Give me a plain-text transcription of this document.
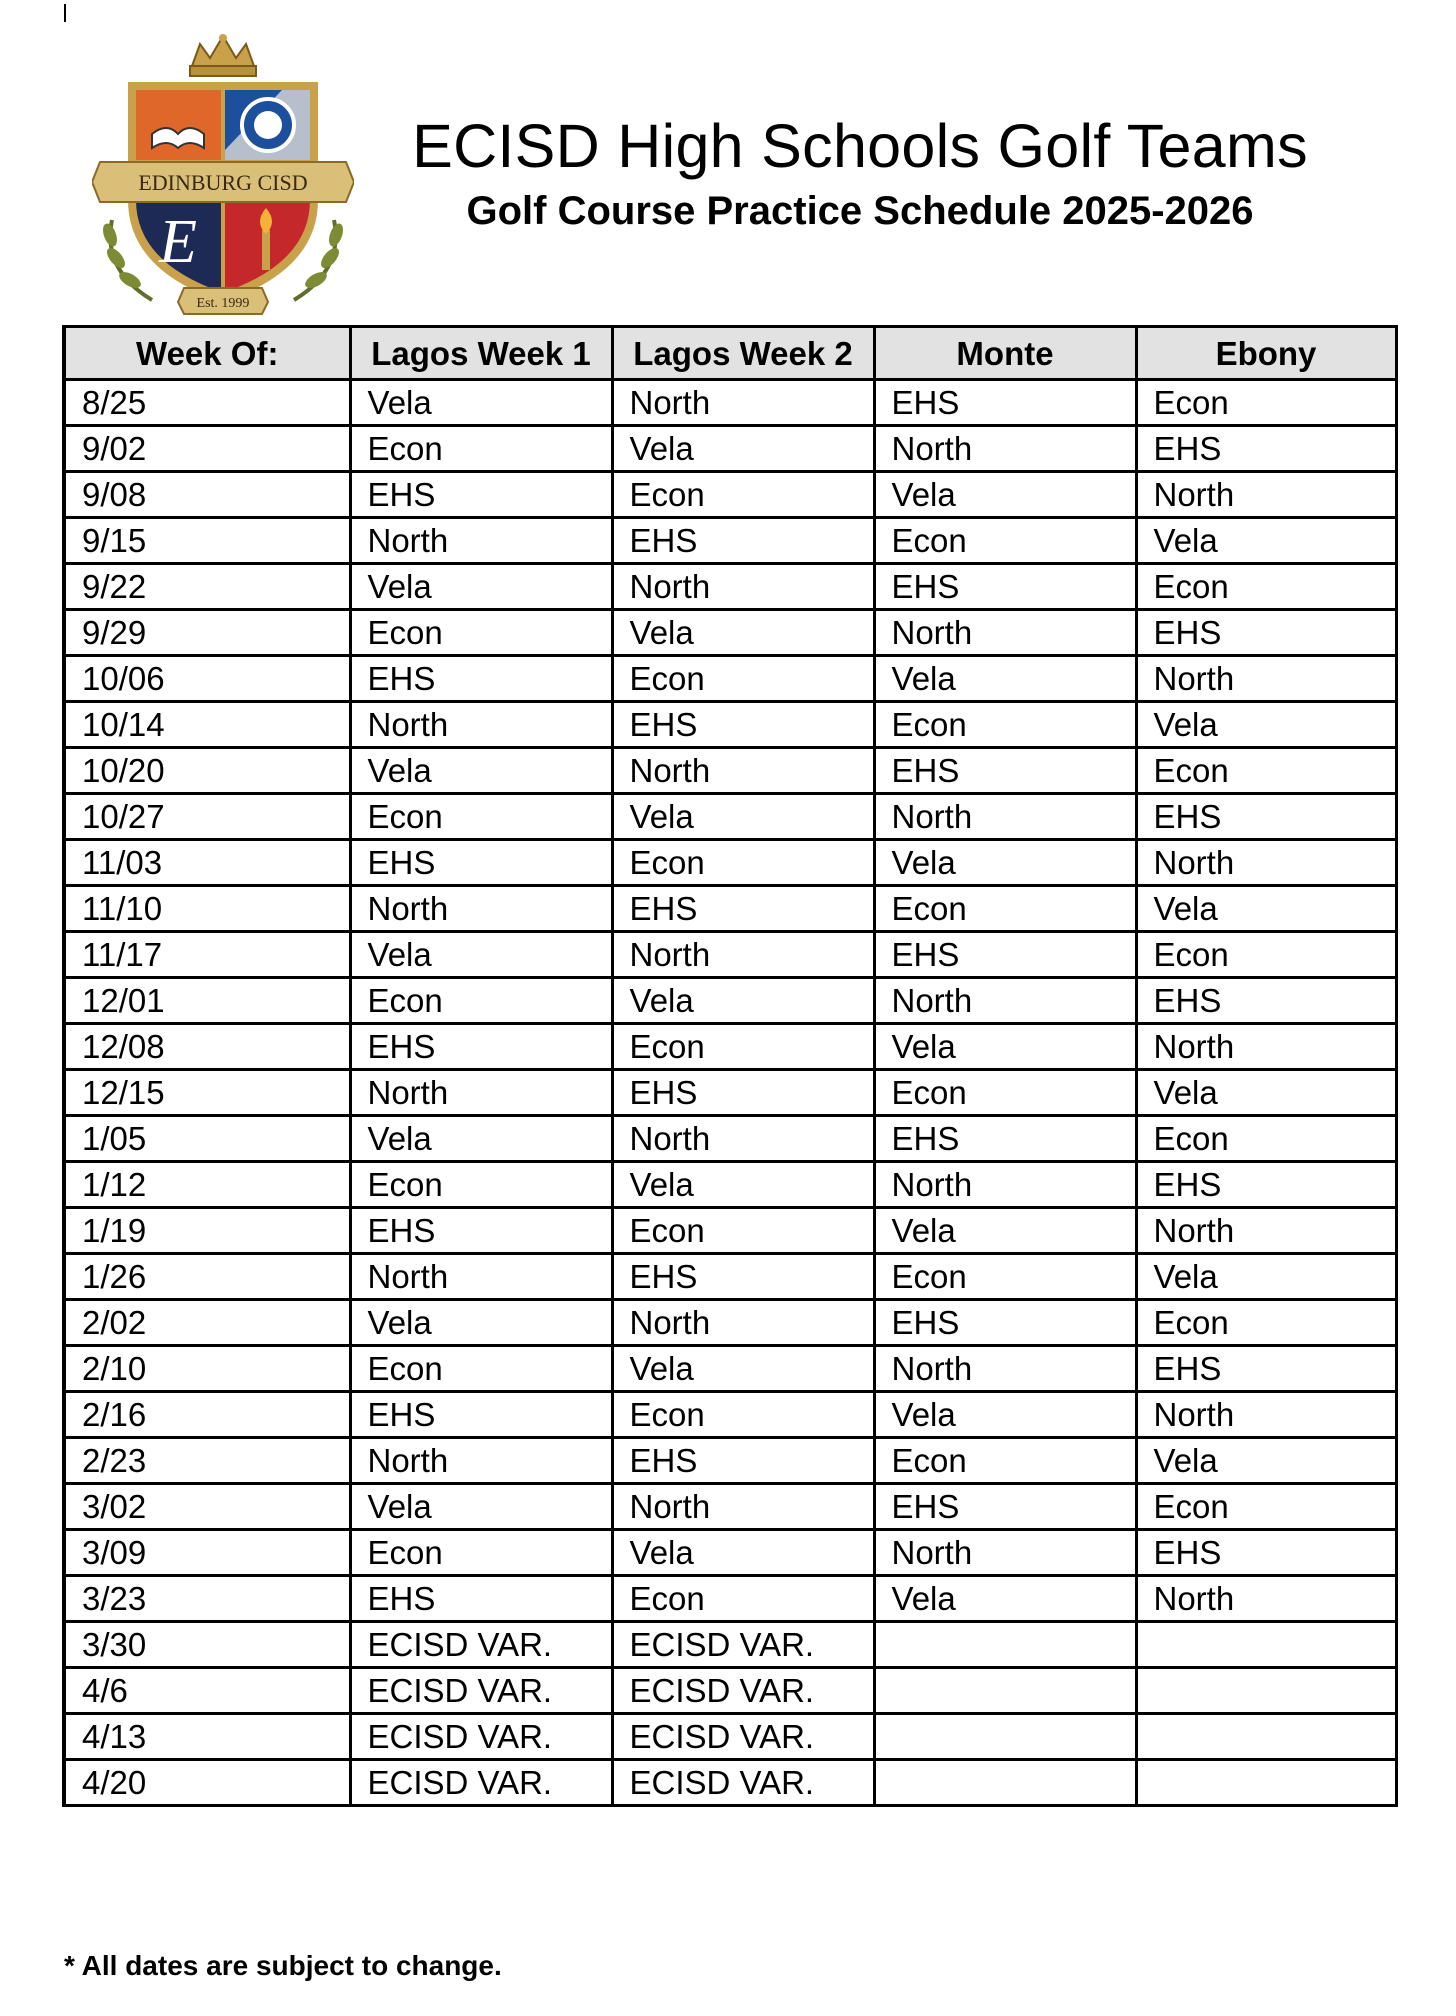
EDINBURG CISD
E
Est. 1999
ECISD High Schools Golf Teams
Golf Course Practice Schedule 2025-2026
Week Of:	Lagos Week 1	Lagos Week 2	Monte	Ebony
8/25	Vela	North	EHS	Econ
9/02	Econ	Vela	North	EHS
9/08	EHS	Econ	Vela	North
9/15	North	EHS	Econ	Vela
9/22	Vela	North	EHS	Econ
9/29	Econ	Vela	North	EHS
10/06	EHS	Econ	Vela	North
10/14	North	EHS	Econ	Vela
10/20	Vela	North	EHS	Econ
10/27	Econ	Vela	North	EHS
11/03	EHS	Econ	Vela	North
11/10	North	EHS	Econ	Vela
11/17	Vela	North	EHS	Econ
12/01	Econ	Vela	North	EHS
12/08	EHS	Econ	Vela	North
12/15	North	EHS	Econ	Vela
1/05	Vela	North	EHS	Econ
1/12	Econ	Vela	North	EHS
1/19	EHS	Econ	Vela	North
1/26	North	EHS	Econ	Vela
2/02	Vela	North	EHS	Econ
2/10	Econ	Vela	North	EHS
2/16	EHS	Econ	Vela	North
2/23	North	EHS	Econ	Vela
3/02	Vela	North	EHS	Econ
3/09	Econ	Vela	North	EHS
3/23	EHS	Econ	Vela	North
3/30	ECISD VAR.	ECISD VAR.		
4/6	ECISD VAR.	ECISD VAR.		
4/13	ECISD VAR.	ECISD VAR.		
4/20	ECISD VAR.	ECISD VAR.		
* All dates are subject to change.
